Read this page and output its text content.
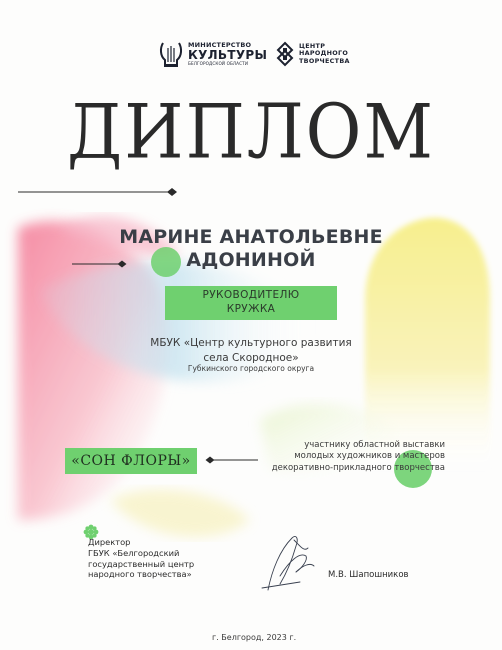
МИНИСТЕРСТВО
КУЛЬТУРЫ
БЕЛГОРОДСКОЙ ОБЛАСТИ
ЦЕНТР
НАРОДНОГО
ТВОРЧЕСТВА
ДИПЛОМ
МАРИНЕ АНАТОЛЬЕВНЕ
АДОНИНОЙ
РУКОВОДИТЕЛЮ
КРУЖКА
МБУК «Центр культурного развития
села Скородное»
Губкинского городского округа
«СОН ФЛОРЫ»
участнику областной выставки
молодых художников и мастеров
декоративно-прикладного творчества
Директор
ГБУК «Белгородский
государственный центр
народного творчества»	М.В. Шапошников
г. Белгород, 2023 г.
